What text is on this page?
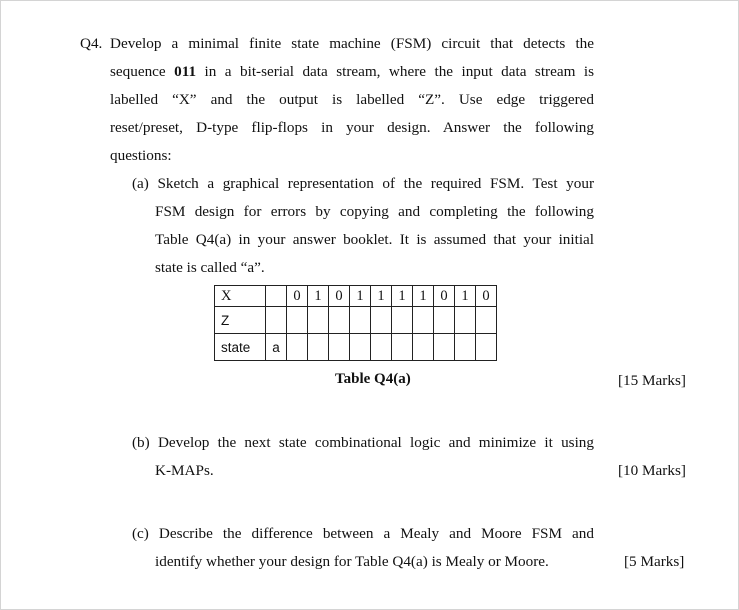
Q4. Develop a minimal finite state machine (FSM) circuit that detects the
sequence 011 in a bit-serial data stream, where the input data stream is
labelled “X” and the output is labelled “Z”. Use edge triggered
reset/preset, D-type flip-flops in your design. Answer the following
questions:
(a) Sketch a graphical representation of the required FSM. Test your
FSM design for errors by copying and completing the following
Table Q4(a) in your answer booklet. It is assumed that your initial
state is called “a”.
X		0	1	0	1	1	1	1	0	1	0
Z											
state	a										
Table Q4(a)	[15 Marks]
(b) Develop the next state combinational logic and minimize it using
K-MAPs.	[10 Marks]
(c) Describe the difference between a Mealy and Moore FSM and
identify whether your design for Table Q4(a) is Mealy or Moore.	[5 Marks]
